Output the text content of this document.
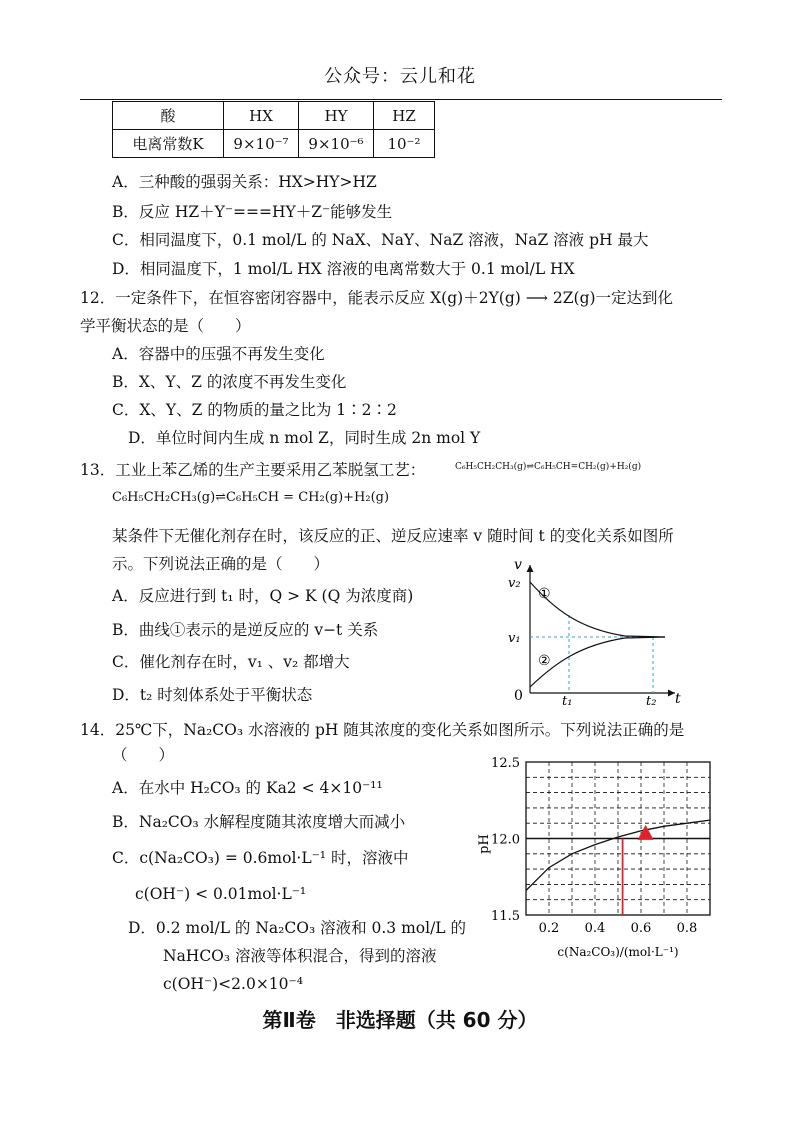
公众号：云儿和花
酸	HX	HY	HZ
电离常数K	9×10⁻⁷	9×10⁻⁶	10⁻²
A．三种酸的强弱关系：HX>HY>HZ
B．反应 HZ＋Y⁻===HY＋Z⁻能够发生
C．相同温度下，0.1 mol/L 的 NaX、NaY、NaZ 溶液，NaZ 溶液 pH 最大
D．相同温度下，1 mol/L HX 溶液的电离常数大于 0.1 mol/L HX
12．一定条件下，在恒容密闭容器中，能表示反应 X(g)＋2Y(g) ⟶ 2Z(g)一定达到化
学平衡状态的是（　　）
A．容器中的压强不再发生变化
B．X、Y、Z 的浓度不再发生变化
C．X、Y、Z 的物质的量之比为 1∶2∶2
D．单位时间内生成 n mol Z，同时生成 2n mol Y
13．工业上苯乙烯的生产主要采用乙苯脱氢工艺：	C₆H₅CH₂CH₃(g)⇌C₆H₅CH=CH₂(g)+H₂(g)
C₆H₅CH₂CH₃(g)⇌C₆H₅CH = CH₂(g)+H₂(g)
某条件下无催化剂存在时，该反应的正、逆反应速率 v 随时间 t 的变化关系如图所
示。下列说法正确的是（　　）
A．反应进行到 t₁ 时，Q > K (Q 为浓度商)
B．曲线①表示的是逆反应的 v−t 关系
C．催化剂存在时，v₁ 、v₂ 都增大
D．t₂ 时刻体系处于平衡状态
v
t
0
v₂
v₁
t₁	t₂
①
②
14．25℃下，Na₂CO₃ 水溶液的 pH 随其浓度的变化关系如图所示。下列说法正确的是
（　　）
A．在水中 H₂CO₃ 的 Ka2 < 4×10⁻¹¹
B．Na₂CO₃ 水解程度随其浓度增大而减小
C．c(Na₂CO₃) = 0.6mol·L⁻¹ 时，溶液中
c(OH⁻) < 0.01mol·L⁻¹
D．0.2 mol/L 的 Na₂CO₃ 溶液和 0.3 mol/L 的
NaHCO₃ 溶液等体积混合，得到的溶液
c(OH⁻)<2.0×10⁻⁴
0.2 0.4 0.6 0.8
11.5
12.0
12.5
pH
c(Na₂CO₃)/(mol·L⁻¹)
第Ⅱ卷　非选择题（共 60 分）
